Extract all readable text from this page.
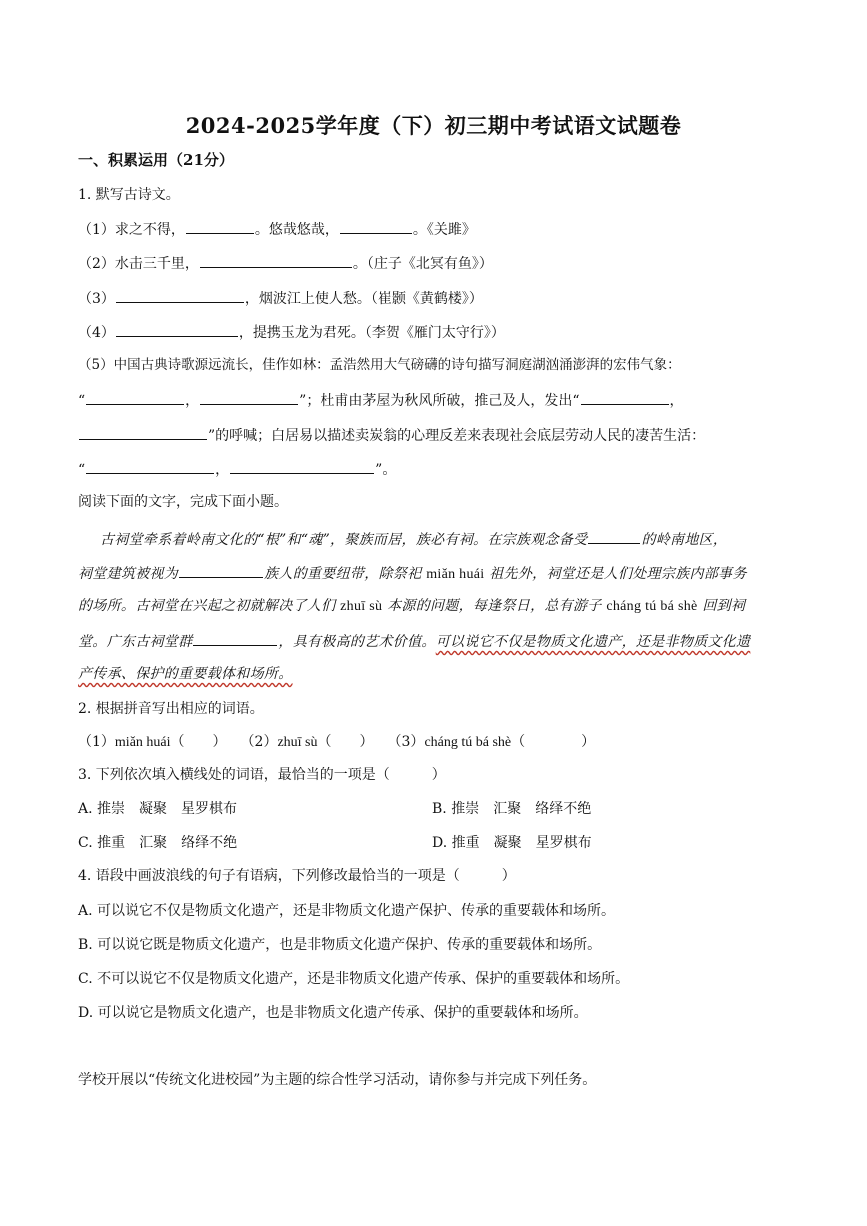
2024-2025学年度（下）初三期中考试语文试题卷
一、积累运用（21分）
1. 默写古诗文。
（1）求之不得，	。悠哉悠哉，	。《关雎》
（2）水击三千里，	。（庄子《北冥有鱼》）
（3）	，烟波江上使人愁。（崔颢《黄鹤楼》）
（4）	，提携玉龙为君死。（李贺《雁门太守行》）
（5）中国古典诗歌源远流长，佳作如林：孟浩然用大气磅礴的诗句描写洞庭湖汹涌澎湃的宏伟气象：
“	，	”；杜甫由茅屋为秋风所破，推己及人，发出“	，
”的呼喊；白居易以描述卖炭翁的心理反差来表现社会底层劳动人民的凄苦生活：
“	，	”。
阅读下面的文字，完成下面小题。
古祠堂牵系着岭南文化的“根”和“魂”，聚族而居，族必有祠。在宗族观念备受	的岭南地区，
祠堂建筑被视为	族人的重要纽带，除祭祀 miǎn huái 祖先外，祠堂还是人们处理宗族内部事务
的场所。古祠堂在兴起之初就解决了人们 zhuī sù 本源的问题，每逢祭日，总有游子 cháng tú bá shè 回到祠
堂。广东古祠堂群	，具有极高的艺术价值。可以说它不仅是物质文化遗产，还是非物质文化遗
产传承、保护的重要载体和场所。
2. 根据拼音写出相应的词语。
（1）miǎn huái（　　） （2）zhuī sù（　　） （3）cháng tú bá shè（　　　　）
3. 下列依次填入横线处的词语，最恰当的一项是（　　　）
A. 推崇　凝聚　星罗棋布	B. 推崇　汇聚　络绎不绝
C. 推重　汇聚　络绎不绝	D. 推重　凝聚　星罗棋布
4. 语段中画波浪线的句子有语病，下列修改最恰当的一项是（　　　）
A. 可以说它不仅是物质文化遗产，还是非物质文化遗产保护、传承的重要载体和场所。
B. 可以说它既是物质文化遗产，也是非物质文化遗产保护、传承的重要载体和场所。
C. 不可以说它不仅是物质文化遗产，还是非物质文化遗产传承、保护的重要载体和场所。
D. 可以说它是物质文化遗产，也是非物质文化遗产传承、保护的重要载体和场所。
学校开展以“传统文化进校园”为主题的综合性学习活动，请你参与并完成下列任务。
